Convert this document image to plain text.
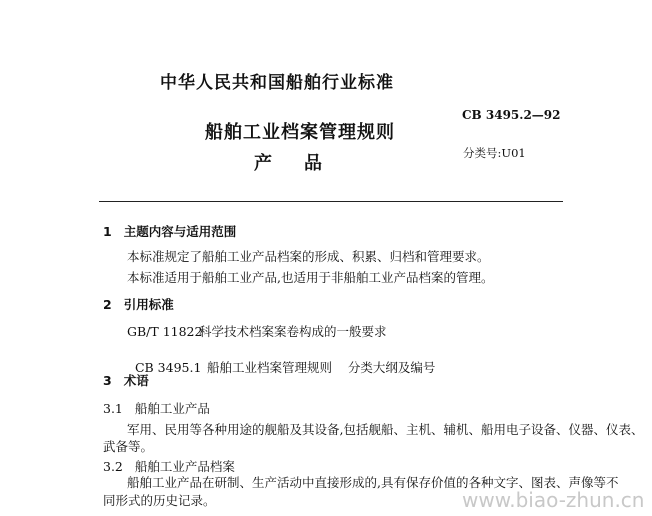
中华人民共和国船舶行业标准
CB 3495.2—92
船舶工业档案管理规则
产 品	分类号:U01
1 主题内容与适用范围
本标准规定了船舶工业产品档案的形成、积累、归档和管理要求。
本标准适用于船舶工业产品,也适用于非船舶工业产品档案的管理。
2 引用标准
GB/T 11822科学技术档案案卷构成的一般要求

CB 3495.1 船舶工业档案管理规则    分类大纲及编号

3 术语
3.1 船舶工业产品
军用、民用等各种用途的舰船及其设备,包括舰船、主机、辅机、船用电子设备、仪器、仪表、
武备等。
3.2 船舶工业产品档案
船舶工业产品在研制、生产活动中直接形成的,具有保存价值的各种文字、图表、声像等不
同形式的历史记录。	www.biao-zhun.cn
